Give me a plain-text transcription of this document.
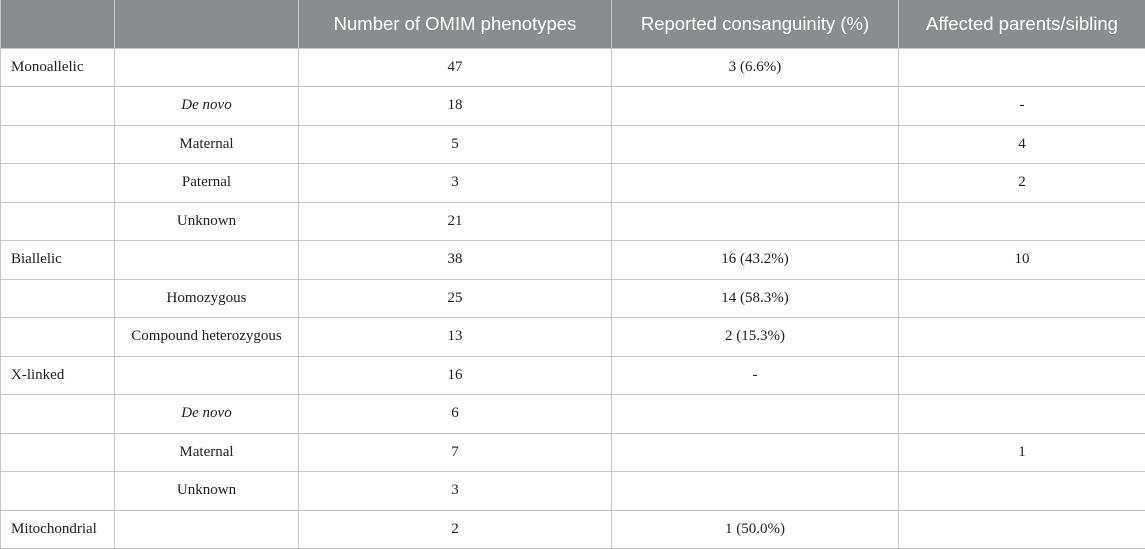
		Number of OMIM phenotypes	Reported consanguinity (%)	Affected parents/sibling
Monoallelic		47	3 (6.6%)	
	De novo	18		-
	Maternal	5		4
	Paternal	3		2
	Unknown	21		
Biallelic		38	16 (43.2%)	10
	Homozygous	25	14 (58.3%)	
	Compound heterozygous	13	2 (15.3%)	
X-linked		16	-	
	De novo	6		
	Maternal	7		1
	Unknown	3		
Mitochondrial		2	1 (50.0%)	
